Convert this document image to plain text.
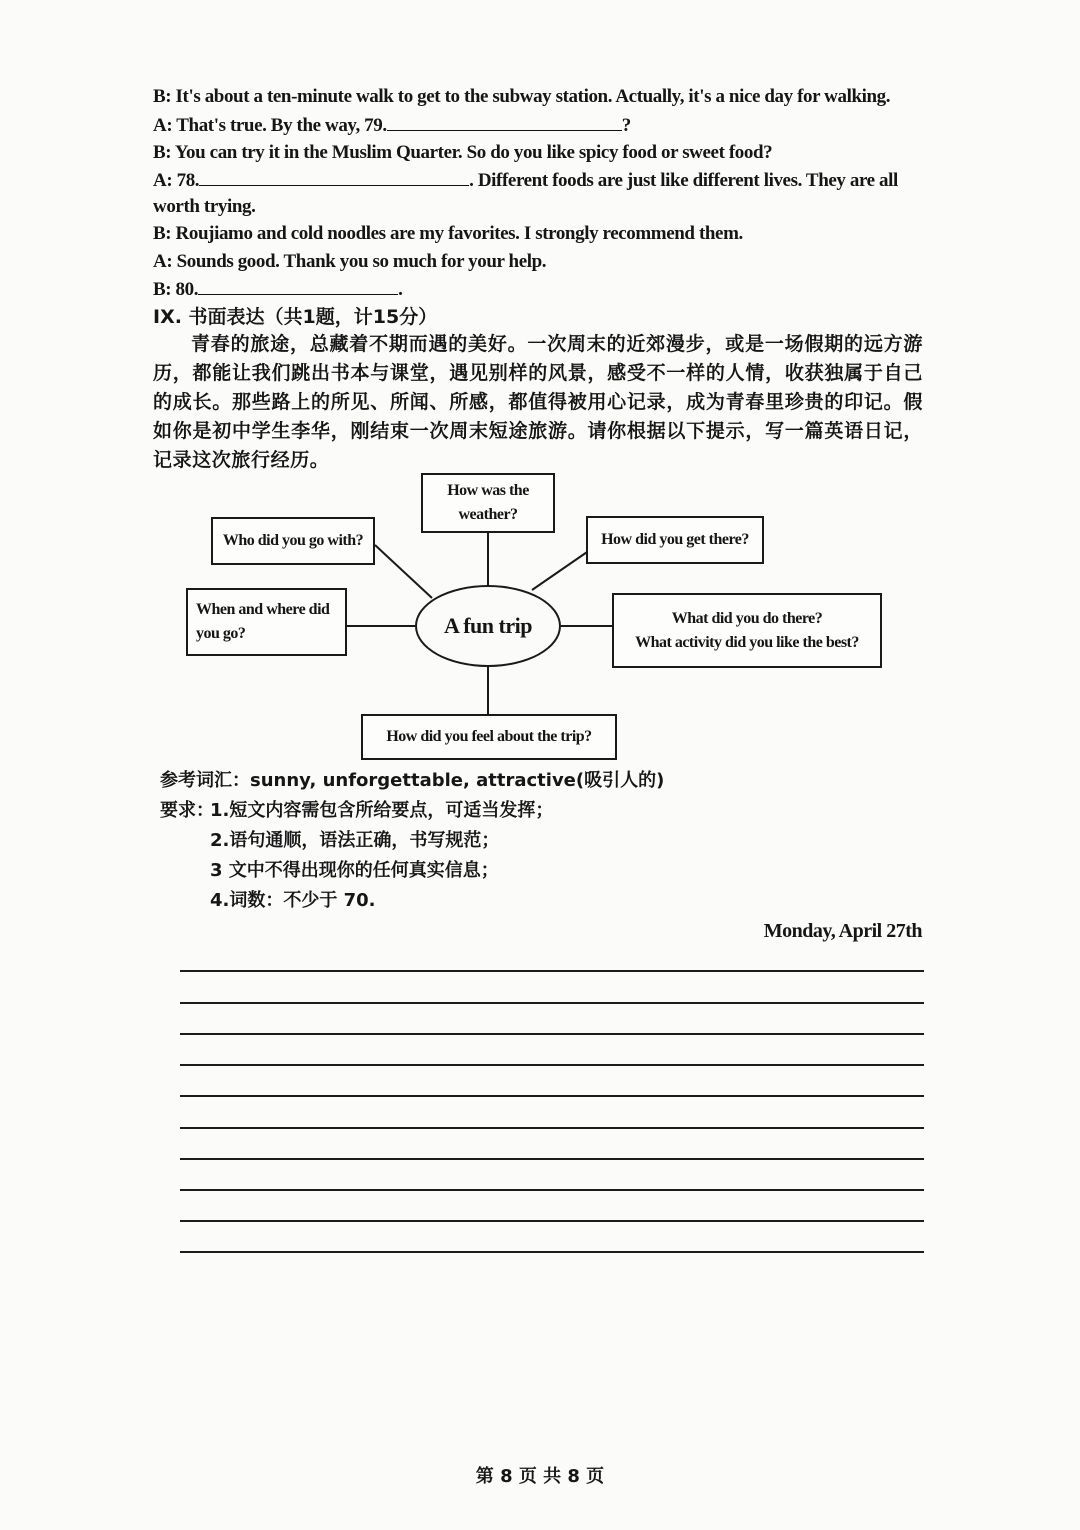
B: It's about a ten-minute walk to get to the subway station. Actually, it's a nice day for walking.
A: That's true. By the way, 79.	?
B: You can try it in the Muslim Quarter. So do you like spicy food or sweet food?
A: 78.	. Different foods are just like different lives. They are all worth trying.
B: Roujiamo and cold noodles are my favorites. I strongly recommend them.
A: Sounds good. Thank you so much for your help.
B: 80.	.
IX. 书面表达（共1题，计15分）
青春的旅途，总藏着不期而遇的美好。一次周末的近郊漫步，或是一场假期的远方游历，都能让我们跳出书本与课堂，遇见别样的风景，感受不一样的人情，收获独属于自己的成长。那些路上的所见、所闻、所感，都值得被用心记录，成为青春里珍贵的印记。假如你是初中学生李华，刚结束一次周末短途旅游。请你根据以下提示，写一篇英语日记，记录这次旅行经历。
How was the weather?
Who did you go with?	How did you get there?
When and where did you go?
What did you do there?
What activity did you like the best?
How did you feel about the trip?
A fun trip
参考词汇：sunny, unforgettable, attractive(吸引人的)
要求：
1.短文内容需包含所给要点，可适当发挥；
2.语句通顺，语法正确，书写规范；
3 文中不得出现你的任何真实信息；
4.词数：不少于 70.
Monday, April 27th
第 8 页 共 8 页
